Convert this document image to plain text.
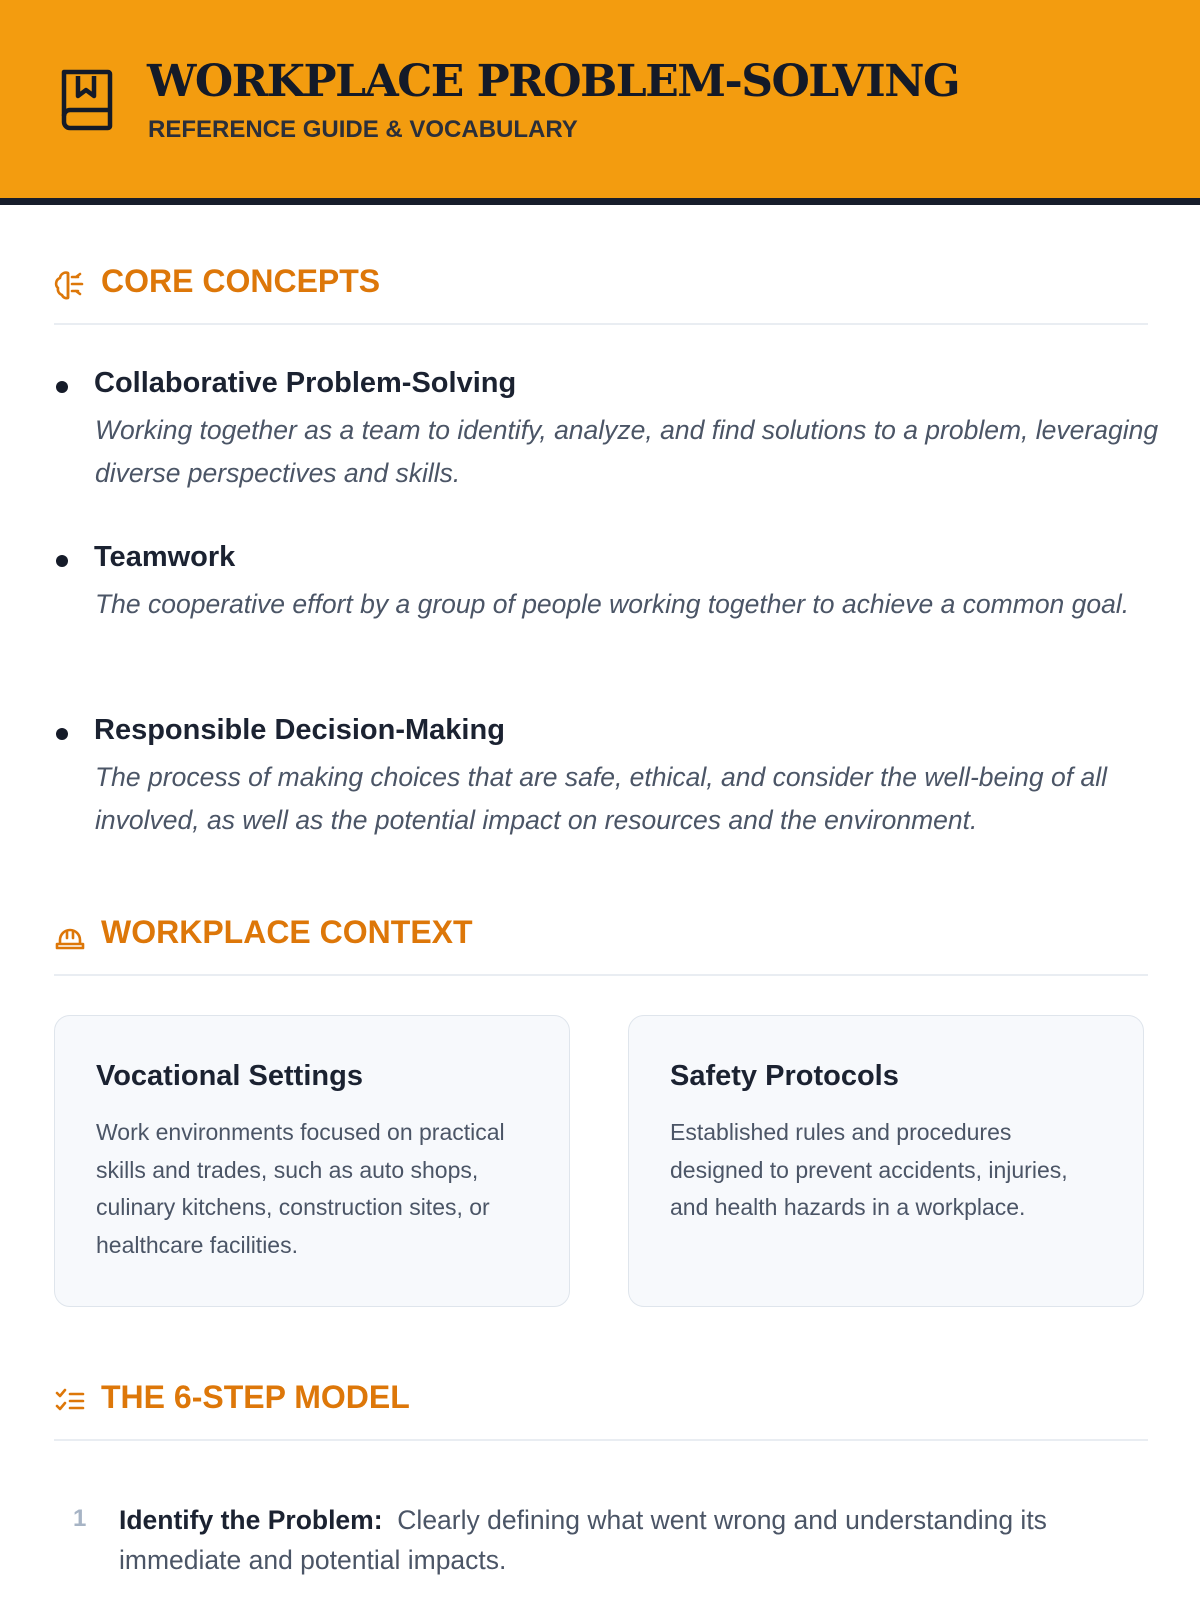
WORKPLACE PROBLEM-SOLVING
REFERENCE GUIDE & VOCABULARY
CORE CONCEPTS
Collaborative Problem-Solving
Working together as a team to identify, analyze, and find solutions to a problem, leveraging diverse perspectives and skills.
Teamwork
The cooperative effort by a group of people working together to achieve a common goal.
Responsible Decision-Making
The process of making choices that are safe, ethical, and consider the well-being of all involved, as well as the potential impact on resources and the environment.
WORKPLACE CONTEXT
Vocational Settings
Work environments focused on practical skills and trades, such as auto shops, culinary kitchens, construction sites, or healthcare facilities.
Safety Protocols
Established rules and procedures designed to prevent accidents, injuries, and health hazards in a workplace.
THE 6-STEP MODEL
1 Identify the Problem: Clearly defining what went wrong and understanding its immediate and potential impacts.
